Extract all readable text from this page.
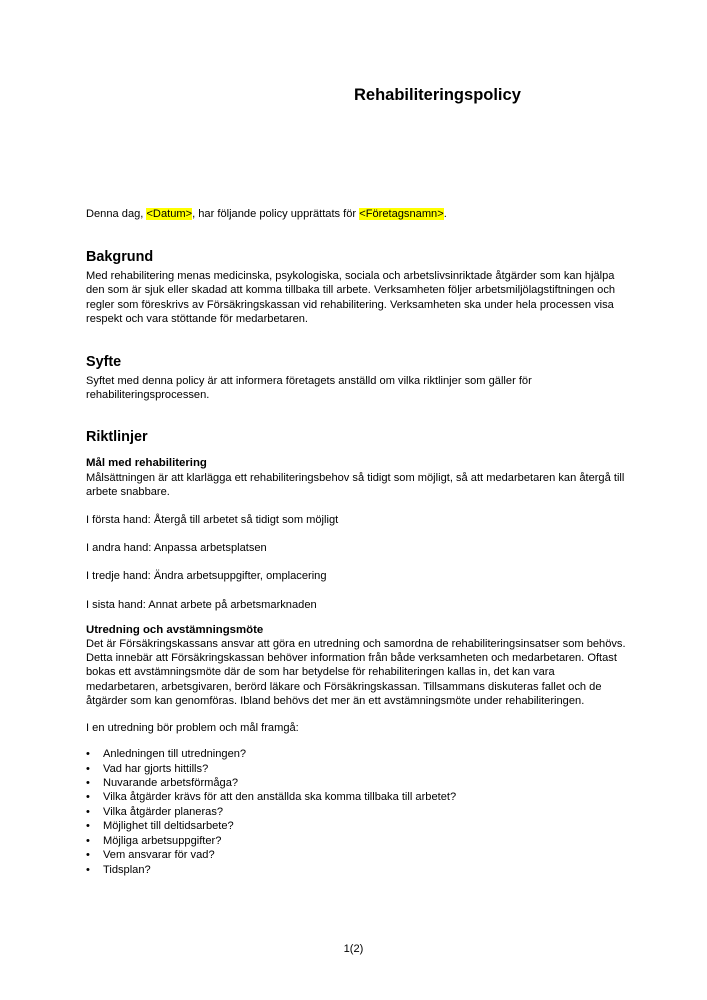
Rehabiliteringspolicy

Denna dag, <Datum>, har följande policy upprättats för <Företagsnamn>.

Bakgrund

Med rehabilitering menas medicinska, psykologiska, sociala och arbetslivsinriktade åtgärder som kan hjälpa den som är sjuk eller skadad att komma tillbaka till arbete. Verksamheten följer arbetsmiljölagstiftningen och regler som föreskrivs av Försäkringskassan vid rehabilitering. Verksamheten ska under hela processen visa respekt och vara stöttande för medarbetaren.

Syfte

Syftet med denna policy är att informera företagets anställd om vilka riktlinjer som gäller för rehabiliteringsprocessen.

Riktlinjer
Mål med rehabilitering

Målsättningen är att klarlägga ett rehabiliteringsbehov så tidigt som möjligt, så att medarbetaren kan återgå till arbete snabbare.

I första hand: Återgå till arbetet så tidigt som möjligt

I andra hand: Anpassa arbetsplatsen

I tredje hand: Ändra arbetsuppgifter, omplacering

I sista hand: Annat arbete på arbetsmarknaden

Utredning och avstämningsmöte

Det är Försäkringskassans ansvar att göra en utredning och samordna de rehabiliteringsinsatser som behövs. Detta innebär att Försäkringskassan behöver information från både verksamheten och medarbetaren. Oftast bokas ett avstämningsmöte där de som har betydelse för rehabiliteringen kallas in, det kan vara medarbetaren, arbetsgivaren, berörd läkare och Försäkringskassan. Tillsammans diskuteras fallet och de åtgärder som kan genomföras. Ibland behövs det mer än ett avstämningsmöte under rehabiliteringen.

I en utredning bör problem och mål framgå:

• Anledningen till utredningen?
• Vad har gjorts hittills?
• Nuvarande arbetsförmåga?
• Vilka åtgärder krävs för att den anställda ska komma tillbaka till arbetet?
• Vilka åtgärder planeras?
• Möjlighet till deltidsarbete?
• Möjliga arbetsuppgifter?
• Vem ansvarar för vad?
• Tidsplan?
1(2)
